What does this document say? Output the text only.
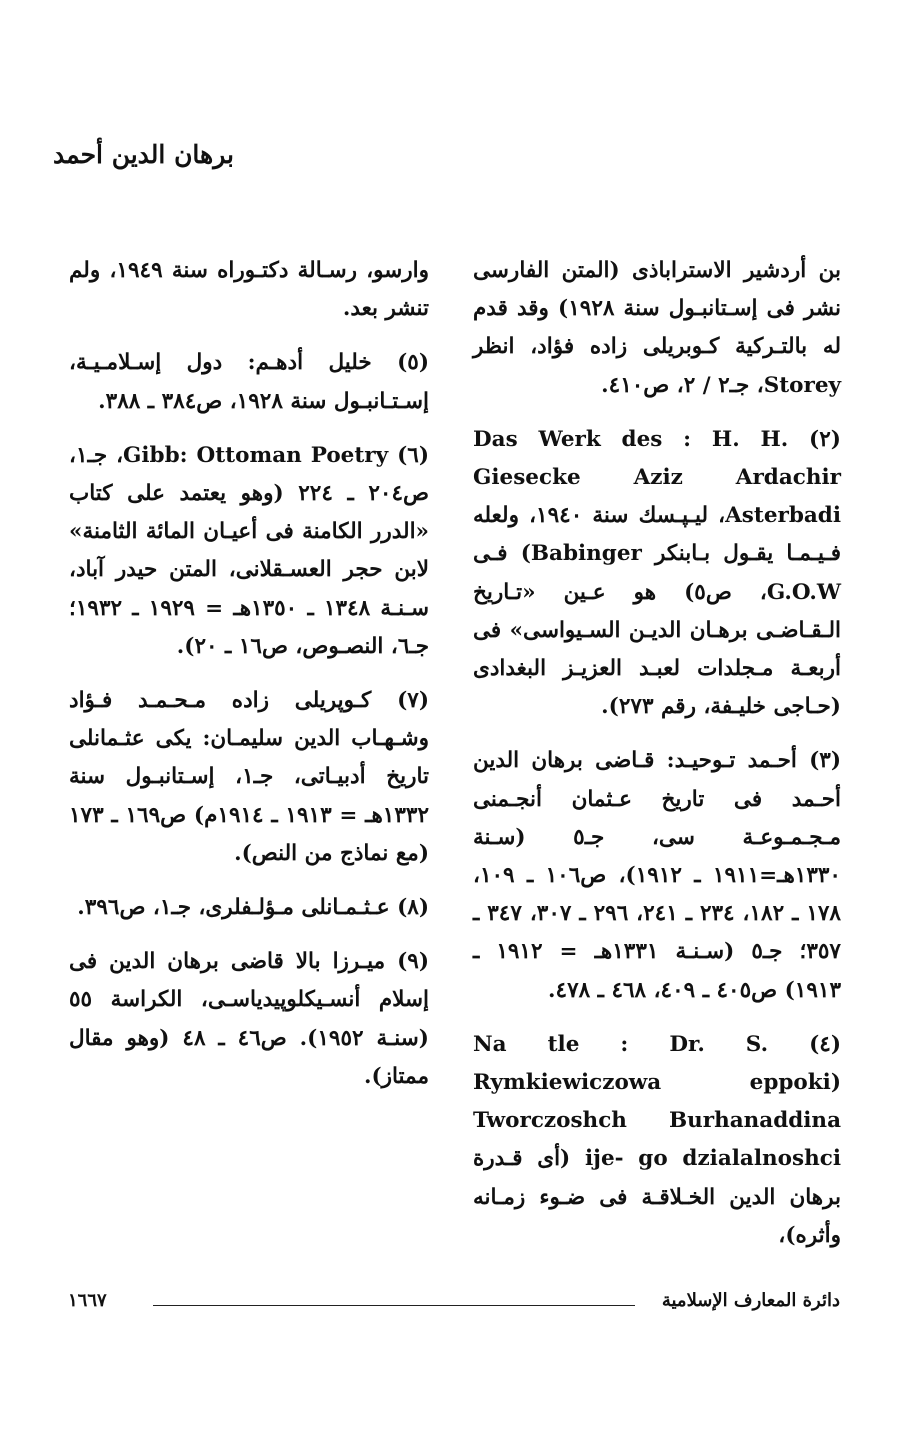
برهان الدين أحمد

بن أردشير الاستراباذى (المتن الفارسى نشر فى إسـتانبـول سنة ١٩٢٨) وقد قدم له بالتـركية كـوبريلى زاده فؤاد، انظر Storey، جـ٢ / ٢، ص٤١٠.

(٢) Das Werk des : H. H. Giesecke Aziz Ardachir Asterbadi، ليـپـسك سنة ١٩٤٠، ولعله فـيـمـا يقـول بـابنكر Babinger) فـى G.O.W، ص٥) هو عـين «تـاريخ الـقـاضـى برهـان الديـن السـيواسى» فى أربعـة مـجلدات لعبـد العزيـز البغدادى (حـاجى خليـفة، رقم ٢٧٣).

(٣) أحـمد تـوحيـد: قـاضى برهان الدين أحـمد فى تاريخ عـثمان أنجـمنى مـجـمـوعـة سى، جـ٥ (سـنة ١٣٣٠هـ=١٩١١ ـ ١٩١٢)، ص١٠٦ ـ ١٠٩، ١٧٨ ـ ١٨٢، ٢٣٤ ـ ٢٤١، ٢٩٦ ـ ٣٠٧، ٣٤٧ ـ ٣٥٧؛ جـ٥ (سـنـة ١٣٣١هـ = ١٩١٢ ـ ١٩١٣) ص٤٠٥ ـ ٤٠٩، ٤٦٨ ـ ٤٧٨.

(٤) Na tle : Dr. S. Rymkiewiczowa eppoki) Tworczoshch Burhanaddina ije- go dzialalnoshci (أى قـدرة برهان الدين الخـلاقـة فى ضـوء زمـانه وأثره)،

وارسو، رسـالة دكتـوراه سنة ١٩٤٩، ولم تنشر بعد.

(٥) خليل أدهـم: دول إسـلامـيـة، إسـتـانبـول سنة ١٩٢٨، ص٣٨٤ ـ ٣٨٨.

(٦) Gibb: Ottoman Poetry، جـ١، ص٢٠٤ ـ ٢٢٤ (وهو يعتمد على كتاب «الدرر الكامنة فى أعيـان المائة الثامنة» لابن حجر العسـقلانى، المتن حيدر آباد، سـنـة ١٣٤٨ ـ ١٣٥٠هـ = ١٩٢٩ ـ ١٩٣٢؛ جـ٦، النصـوص، ص١٦ ـ ٢٠).

(٧) كـوپريلى زاده مـحـمـد فـؤاد وشـهـاب الدين سليمـان: يكى عثـمانلى تاريخ أدبيـاتى، جـ١، إسـتانبـول سنة ١٣٣٢هـ = ١٩١٣ ـ ١٩١٤م) ص١٦٩ ـ ١٧٣ (مع نماذج من النص).

(٨) عـثـمـانلى مـؤلـفلرى، جـ١، ص٣٩٦.

(٩) ميـرزا بالا قاضى برهان الدين فى إسلام أنسـيكلوپيدياسـى، الكراسة ٥٥ (سنـة ١٩٥٢). ص٤٦ ـ ٤٨ (وهو مقال ممتاز).

دائرة المعارف الإسلامية
١٦٦٧
